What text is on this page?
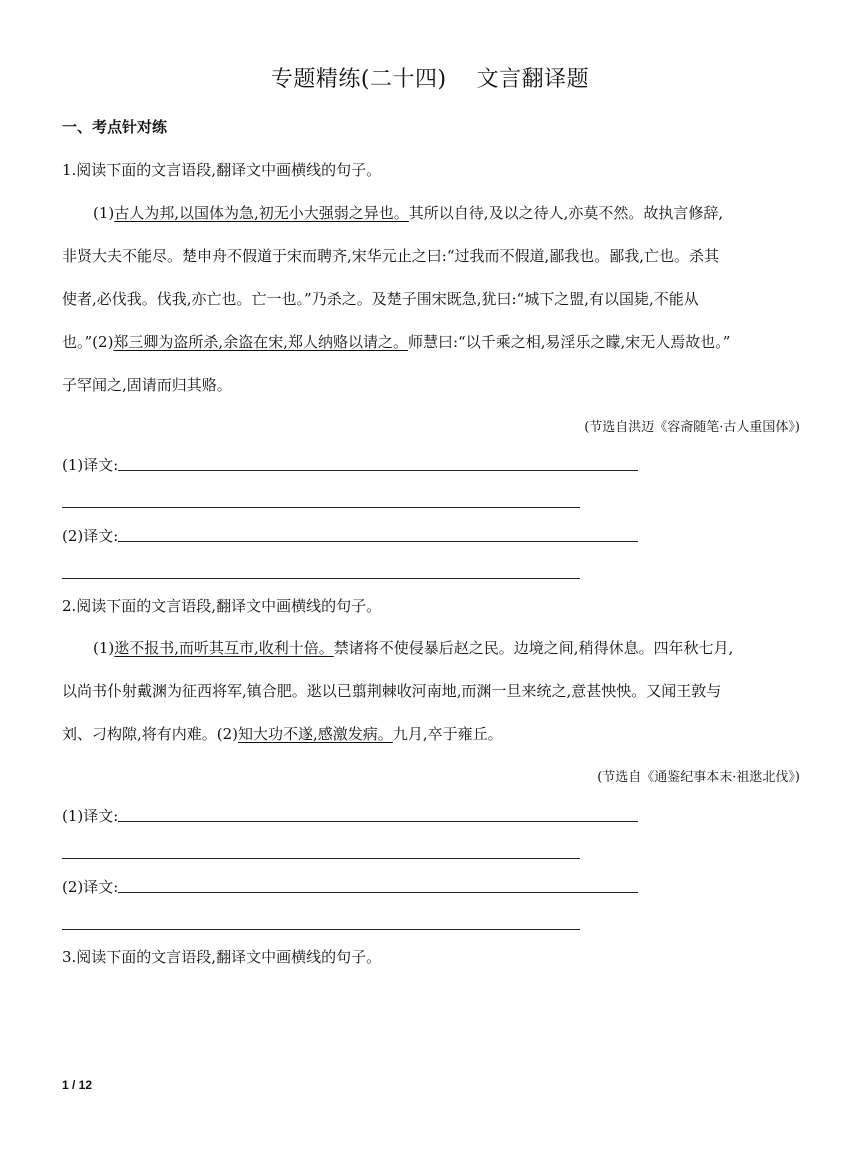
专题精练(二十四) 文言翻译题
一、考点针对练
1.阅读下面的文言语段,翻译文中画横线的句子。
(1)古人为邦,以国体为急,初无小大强弱之异也。其所以自待,及以之待人,亦莫不然。故执言修辞,
非贤大夫不能尽。楚申舟不假道于宋而聘齐,宋华元止之曰:“过我而不假道,鄙我也。鄙我,亡也。杀其
使者,必伐我。伐我,亦亡也。亡一也。”乃杀之。及楚子围宋既急,犹曰:“城下之盟,有以国毙,不能从
也。”(2)郑三卿为盗所杀,余盗在宋,郑人纳赂以请之。师慧曰:“以千乘之相,易淫乐之矇,宋无人焉故也。”
子罕闻之,固请而归其赂。
(节选自洪迈《容斋随笔·古人重国体》)
(1)译文:
(2)译文:
2.阅读下面的文言语段,翻译文中画横线的句子。
(1)逖不报书,而听其互市,收利十倍。禁诸将不使侵暴后赵之民。边境之间,稍得休息。四年秋七月,
以尚书仆射戴渊为征西将军,镇合肥。逖以已翦荆棘收河南地,而渊一旦来统之,意甚怏怏。又闻王敦与
刘、刁构隙,将有内难。(2)知大功不遂,感激发病。九月,卒于雍丘。
(节选自《通鉴纪事本末·祖逖北伐》)
(1)译文:
(2)译文:
3.阅读下面的文言语段,翻译文中画横线的句子。
1 / 12
